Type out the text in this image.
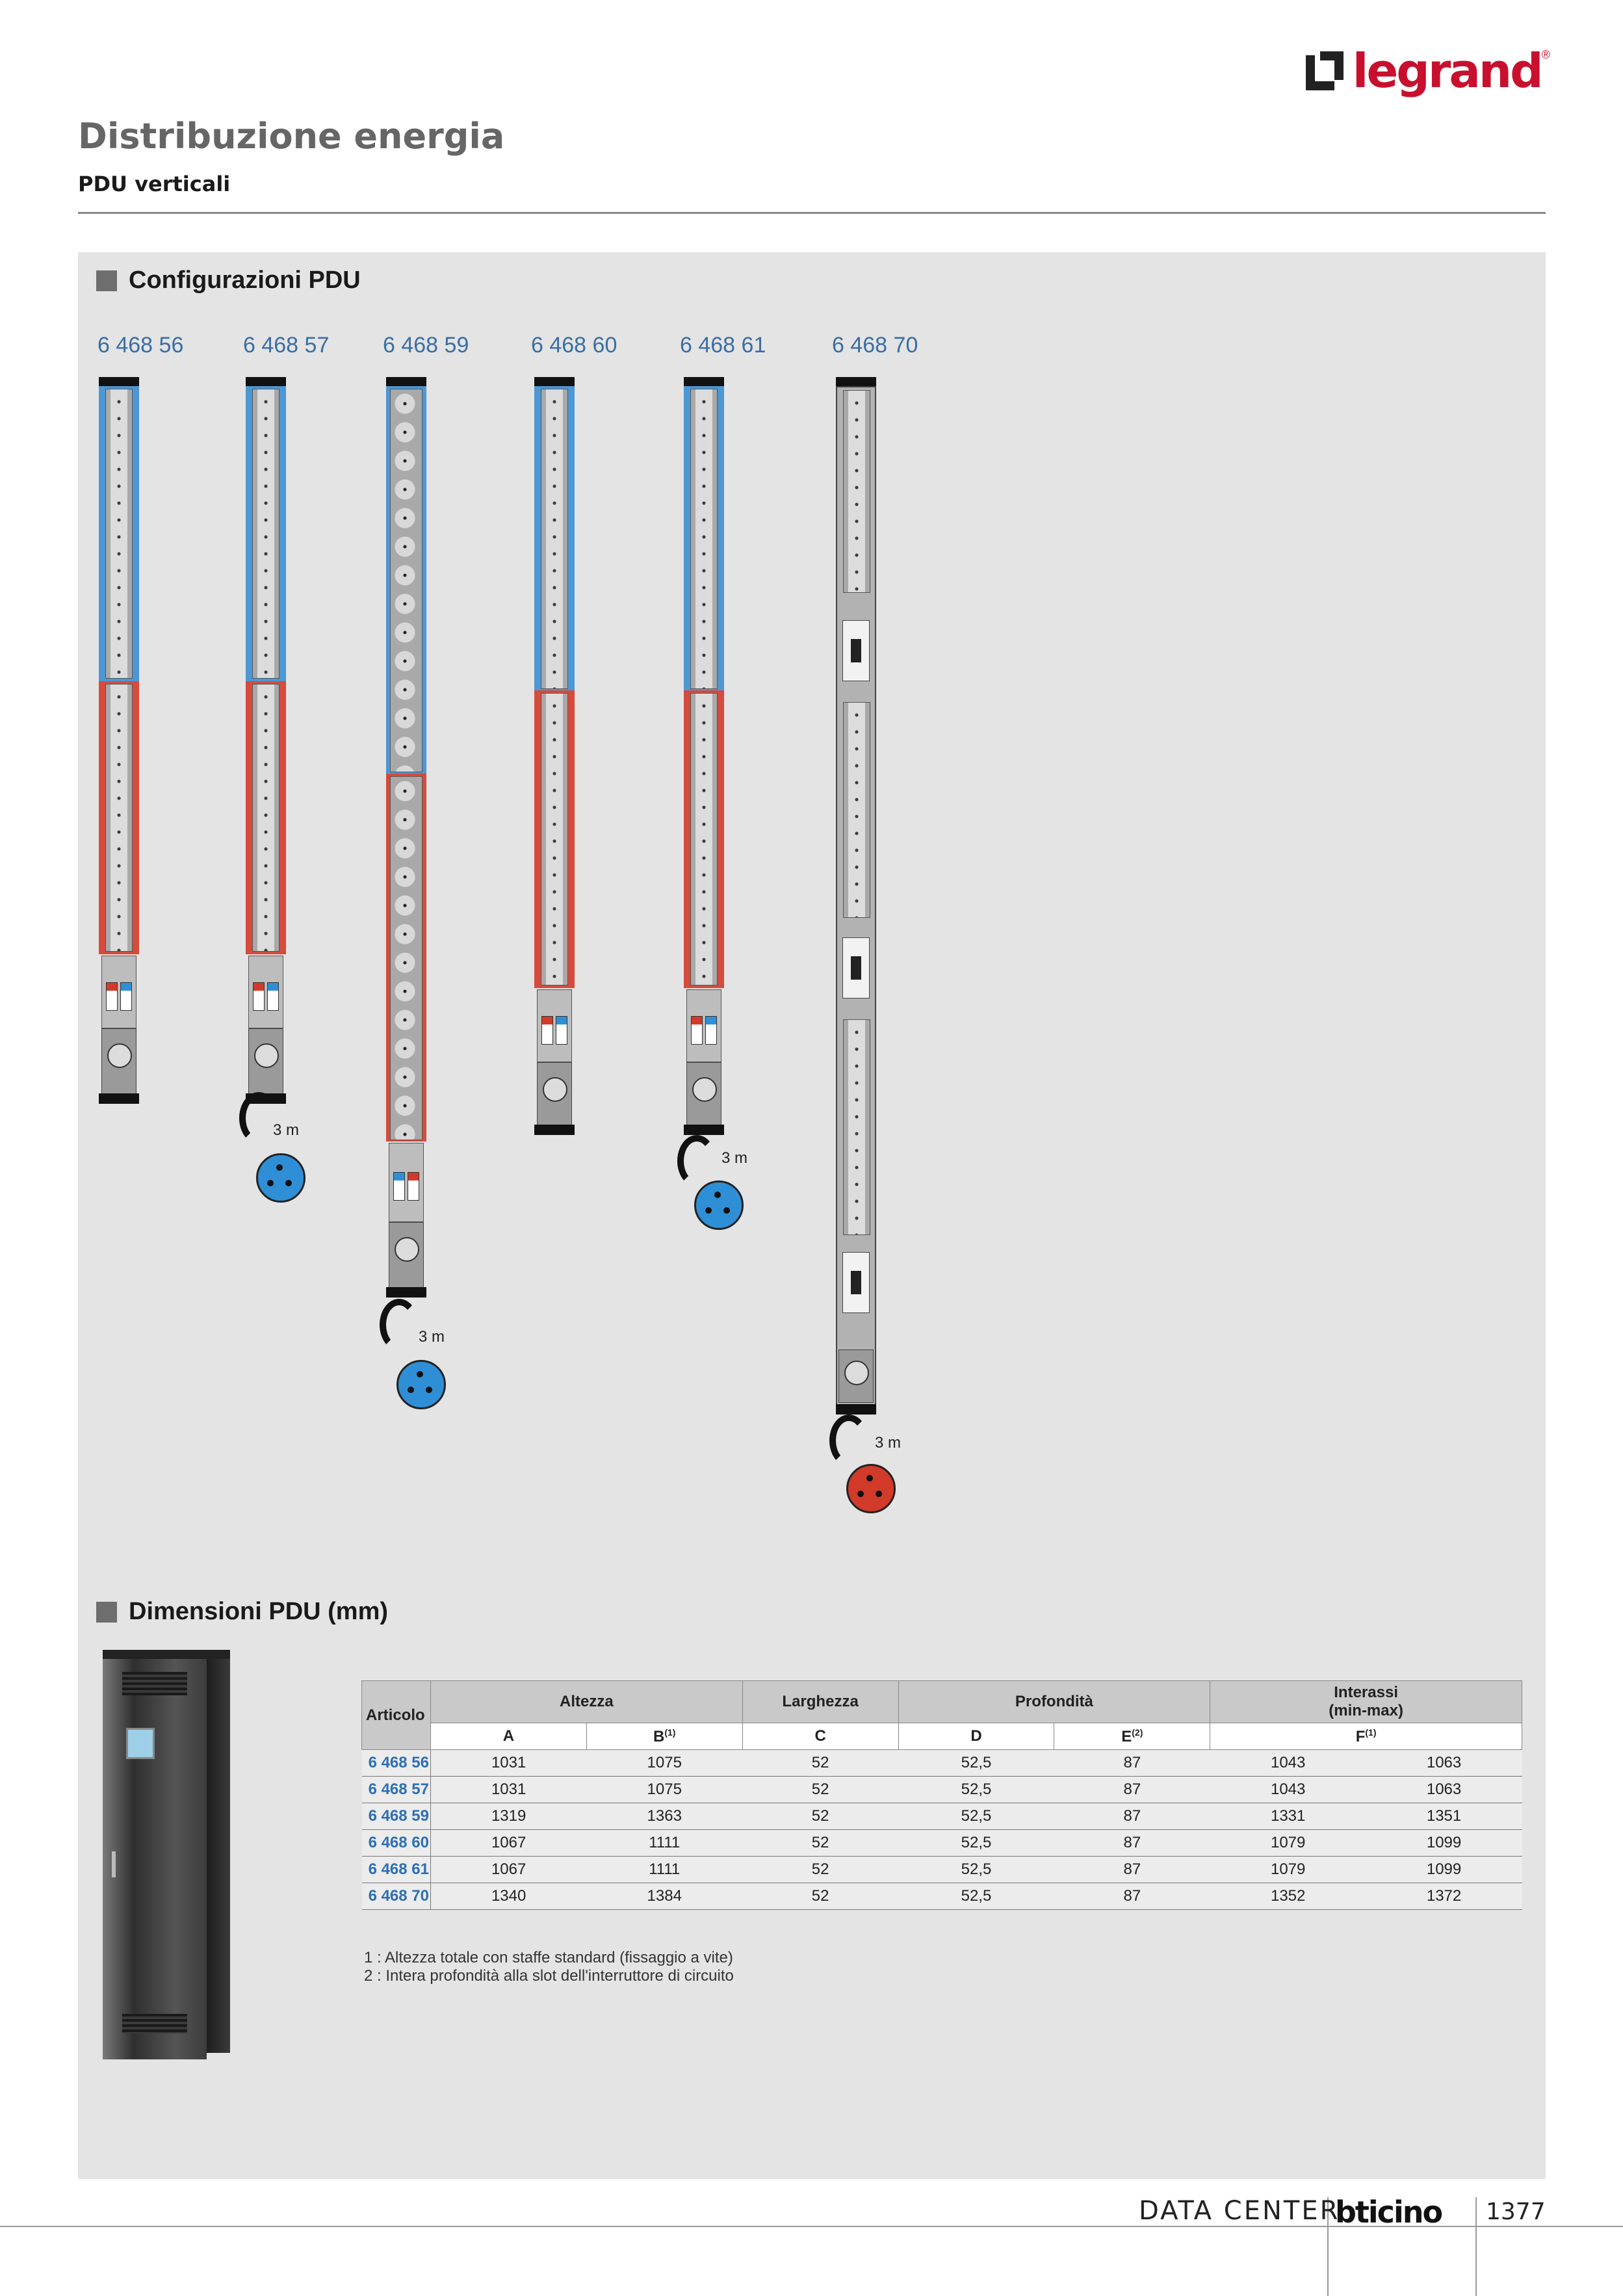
legrand ®
Distribuzione energia
PDU verticali
Configurazioni PDU
6 468 56	6 468 57 6 468 59	6 468 60	6 468 61	6 468 70
3 m
3 m
3 m
3 m
Dimensioni PDU (mm)
Articolo	Altezza		Larghezza	Profondità		Interassi
(min-max)	
	A	$B^{(1)}$	C	D	$E^{(2)}$	$F^{(1)}$
6 468 56	1031	1075	52	52,5	87	1043	1063
6 468 57	1031	1075	52	52,5	87	1043	1063
6 468 59	1319	1363	52	52,5	87	1331	1351
6 468 60	1067	1111	52	52,5	87	1079	1099
6 468 61	1067	1111	52	52,5	87	1079	1099
6 468 70	1340	1384	52	52,5	87	1352	1372
1 : Altezza totale con staffe standard (fissaggio a vite)
2 : Intera profondità alla slot dell'interruttore di circuito
DATA CENTER
bticino 1377
